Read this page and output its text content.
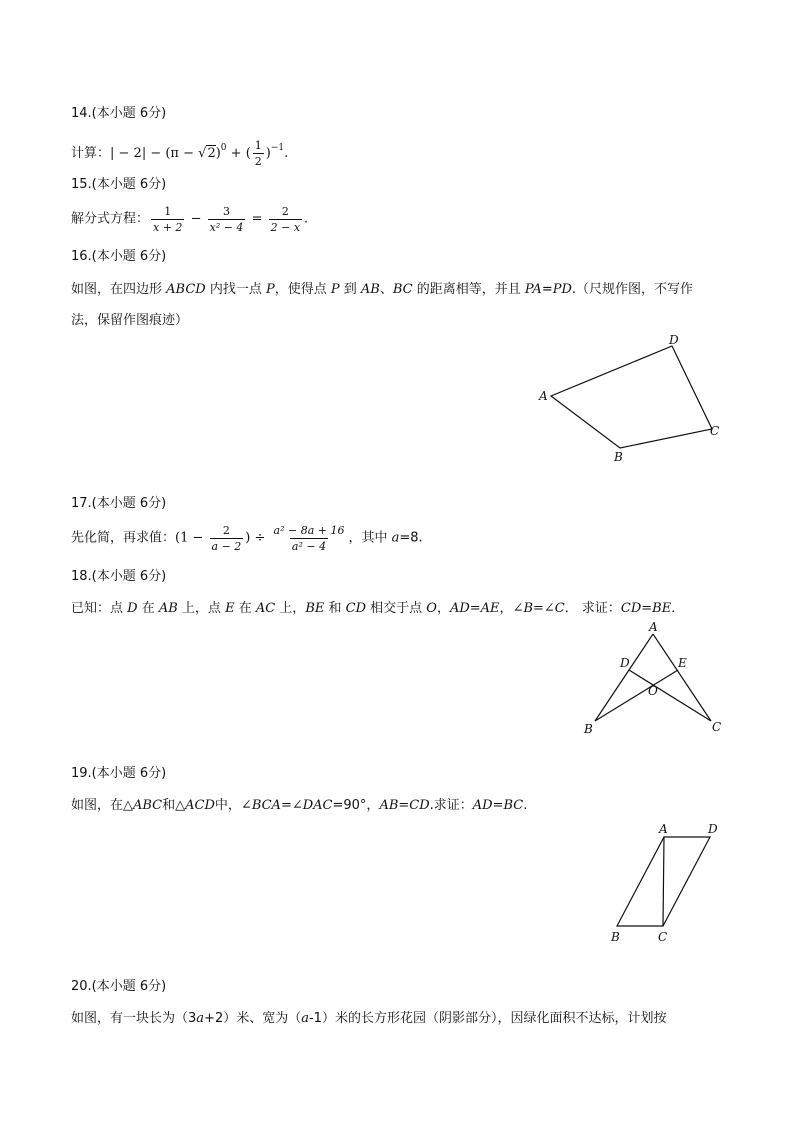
14.(本小题 6分)
计算：| − $2| - (\pi - √2)^0$ + ( $\frac{1}{2} )^{-1}$.
15.(本小题 6分)
解分式方程： $\frac{1}{x + 2} - \frac{3}{\text{x² − 4}} = \frac{2}{2 - x}$ .
16.(本小题 6分)
如图，在四边形 ABCD 内找一点 P，使得点 P 到 AB、BC 的距离相等，并且 PA=PD.（尺规作图，不写作
法，保留作图痕迹）
A
D
C
B
17.(本小题 6分)
先化简，再求值：($1 - \frac{2}{a - 2}$ ) ÷ $\frac{\text{a² − 8a + 16}}{\text{a² − 4}}$ ，其中 a=8.
18.(本小题 6分)
已知：点 D 在 AB 上，点 E 在 AC 上，BE 和 CD 相交于点 O，AD=AE，∠B=∠C． 求证：CD=BE．
A
D	E
O
B	C
19.(本小题 6分)
如图，在△ABC和△ACD中，∠BCA=∠DAC=90°，AB=CD.求证：AD=BC.
A	D
B	C
20.(本小题 6分)
如图，有一块长为（3a+2）米、宽为（a-1）米的长方形花园（阴影部分），因绿化面积不达标，计划按
